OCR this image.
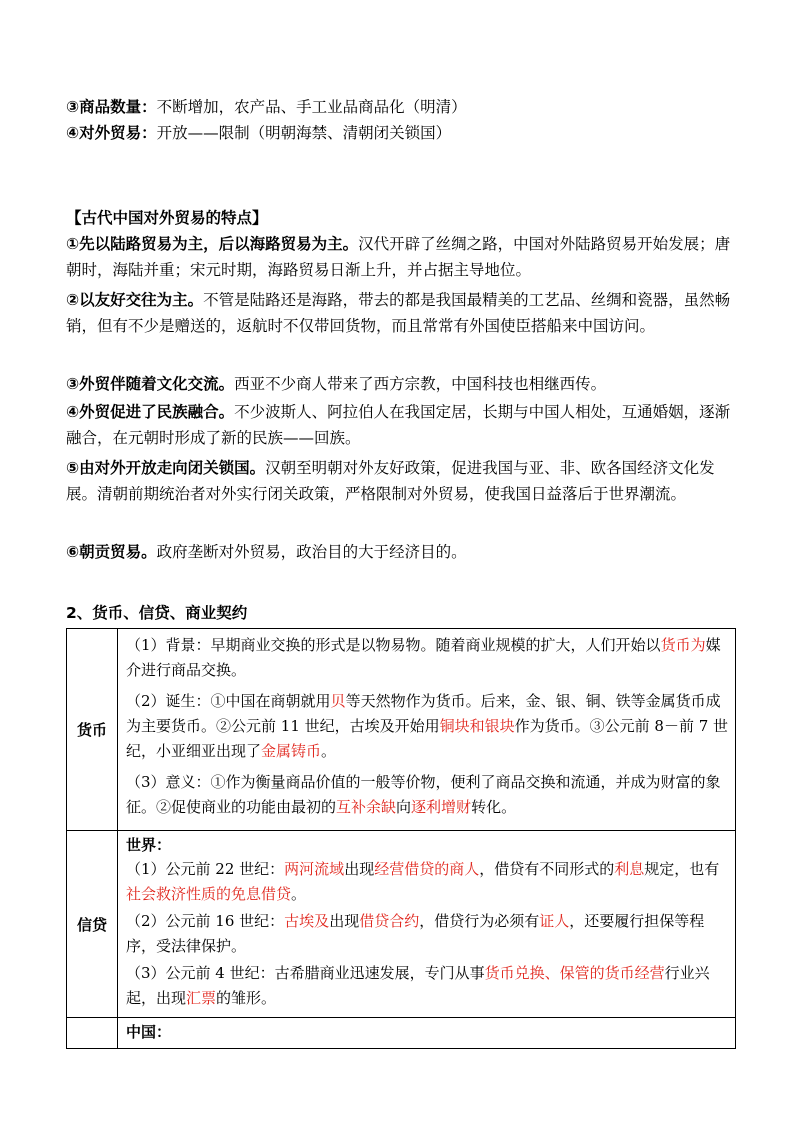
③商品数量：不断增加，农产品、手工业品商品化（明清）
④对外贸易：开放——限制（明朝海禁、清朝闭关锁国）
【古代中国对外贸易的特点】
①先以陆路贸易为主，后以海路贸易为主。汉代开辟了丝绸之路，中国对外陆路贸易开始发展；唐朝时，海陆并重；宋元时期，海路贸易日渐上升，并占据主导地位。
②以友好交往为主。不管是陆路还是海路，带去的都是我国最精美的工艺品、丝绸和瓷器，虽然畅销，但有不少是赠送的，返航时不仅带回货物，而且常常有外国使臣搭船来中国访问。
③外贸伴随着文化交流。西亚不少商人带来了西方宗教，中国科技也相继西传。
④外贸促进了民族融合。不少波斯人、阿拉伯人在我国定居，长期与中国人相处，互通婚姻，逐渐融合，在元朝时形成了新的民族——回族。
⑤由对外开放走向闭关锁国。汉朝至明朝对外友好政策，促进我国与亚、非、欧各国经济文化发展。清朝前期统治者对外实行闭关政策，严格限制对外贸易，使我国日益落后于世界潮流。
⑥朝贡贸易。政府垄断对外贸易，政治目的大于经济目的。
2、货币、信贷、商业契约
货币	（1）背景：早期商业交换的形式是以物易物。随着商业规模的扩大，人们开始以货币为媒介进行商品交换。
（2）诞生：①中国在商朝就用贝等天然物作为货币。后来，金、银、铜、铁等金属货币成为主要货币。②公元前 11 世纪，古埃及开始用铜块和银块作为货币。③公元前 8－前 7 世纪，小亚细亚出现了金属铸币。
（3）意义：①作为衡量商品价值的一般等价物，便利了商品交换和流通，并成为财富的象征。②促使商业的功能由最初的互补余缺向逐利增财转化。

信贷	世界：
（1）公元前 22 世纪：两河流域出现经营借贷的商人，借贷有不同形式的利息规定，也有社会救济性质的免息借贷。
（2）公元前 16 世纪：古埃及出现借贷合约，借贷行为必须有证人，还要履行担保等程序，受法律保护。
（3）公元前 4 世纪：古希腊商业迅速发展，专门从事货币兑换、保管的货币经营行业兴起，出现汇票的雏形。

	中国：
